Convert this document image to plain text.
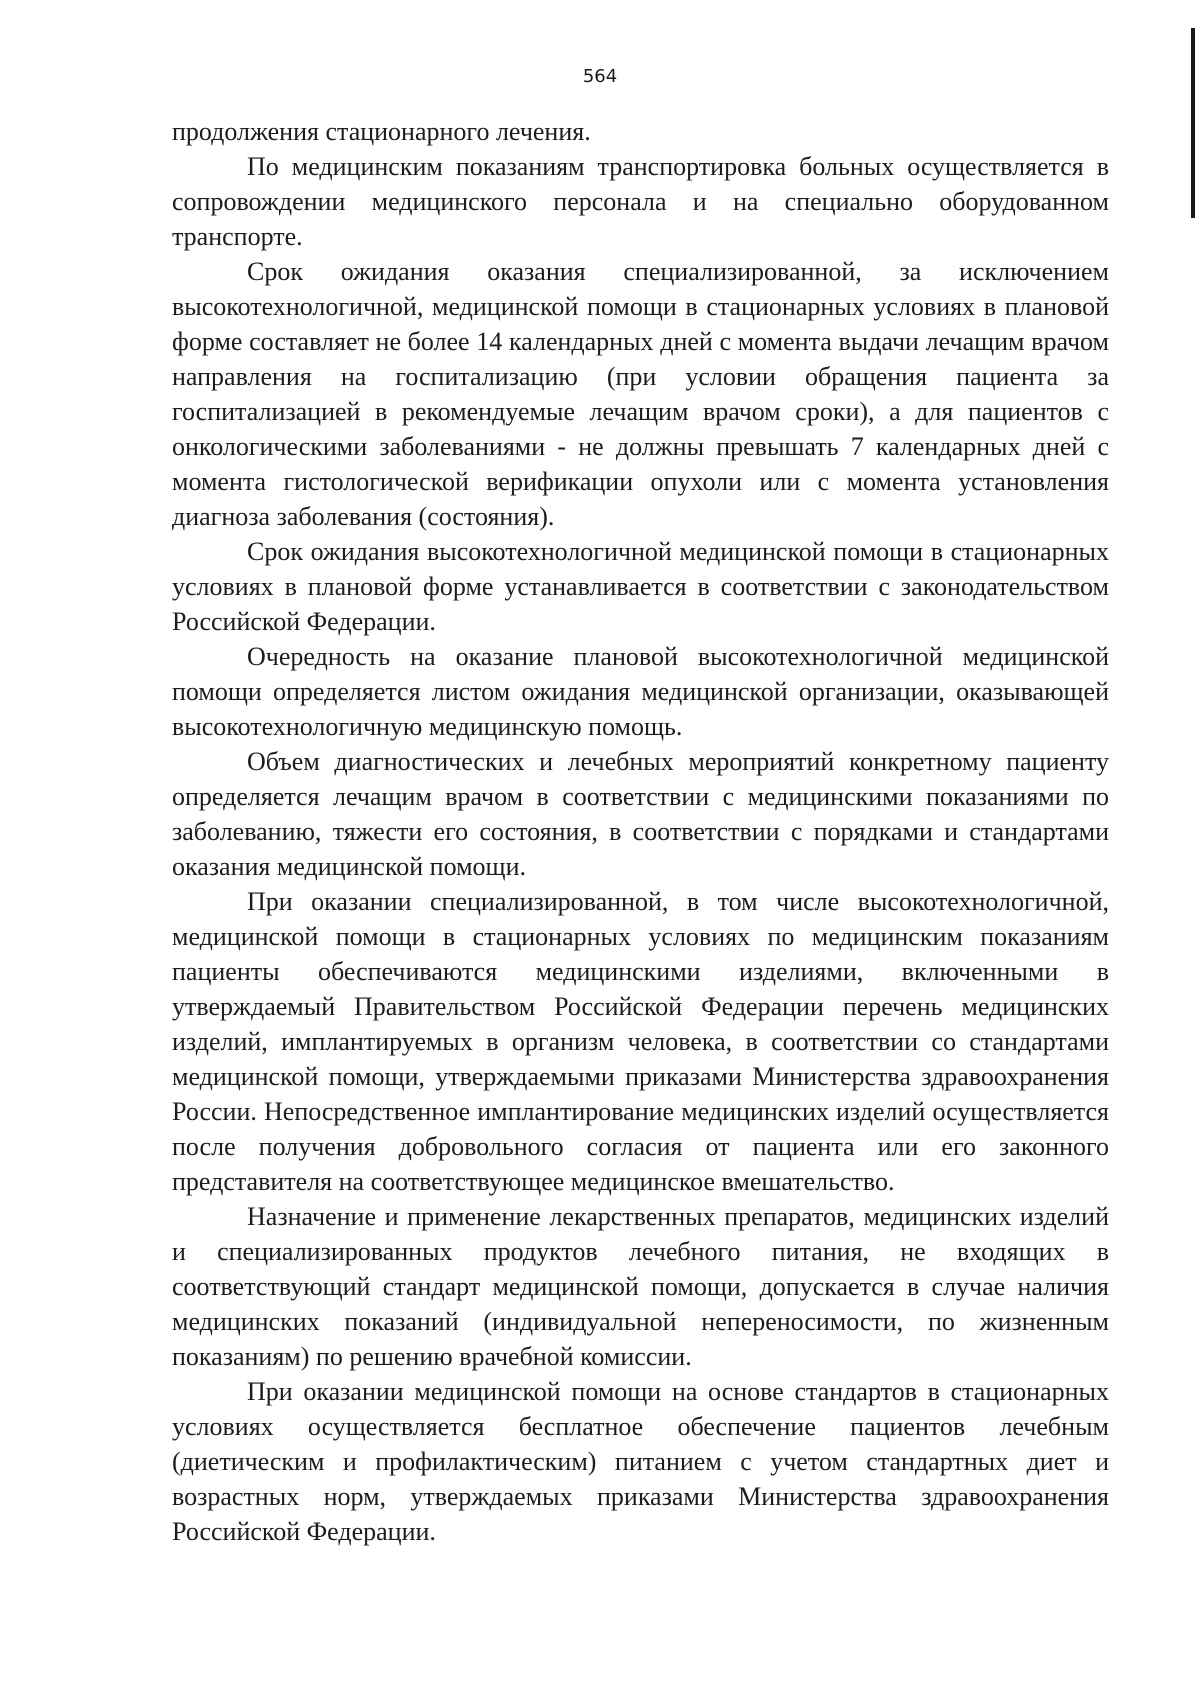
564

продолжения стационарного лечения.

По медицинским показаниям транспортировка больных осуществляется в сопровождении медицинского персонала и на специально оборудованном транспорте.

Срок ожидания оказания специализированной, за исключением высокотехнологичной, медицинской помощи в стационарных условиях в плановой форме составляет не более 14 календарных дней с момента выдачи лечащим врачом направления на госпитализацию (при условии обращения пациента за госпитализацией в рекомендуемые лечащим врачом сроки), а для пациентов с онкологическими заболеваниями - не должны превышать 7 календарных дней с момента гистологической верификации опухоли или с момента установления диагноза заболевания (состояния).

Срок ожидания высокотехнологичной медицинской помощи в стационарных условиях в плановой форме устанавливается в соответствии с законодательством Российской Федерации.

Очередность на оказание плановой высокотехнологичной медицинской помощи определяется листом ожидания медицинской организации, оказывающей высокотехнологичную медицинскую помощь.

Объем диагностических и лечебных мероприятий конкретному пациенту определяется лечащим врачом в соответствии с медицинскими показаниями по заболеванию, тяжести его состояния, в соответствии с порядками и стандартами оказания медицинской помощи.

При оказании специализированной, в том числе высокотехнологичной, медицинской помощи в стационарных условиях по медицинским показаниям пациенты обеспечиваются медицинскими изделиями, включенными в утверждаемый Правительством Российской Федерации перечень медицинских изделий, имплантируемых в организм человека, в соответствии со стандартами медицинской помощи, утверждаемыми приказами Министерства здравоохранения России. Непосредственное имплантирование медицинских изделий осуществляется после получения добровольного согласия от пациента или его законного представителя на соответствующее медицинское вмешательство.

Назначение и применение лекарственных препаратов, медицинских изделий и специализированных продуктов лечебного питания, не входящих в соответствующий стандарт медицинской помощи, допускается в случае наличия медицинских показаний (индивидуальной непереносимости, по жизненным показаниям) по решению врачебной комиссии.

При оказании медицинской помощи на основе стандартов в стационарных условиях осуществляется бесплатное обеспечение пациентов лечебным (диетическим и профилактическим) питанием с учетом стандартных диет и возрастных норм, утверждаемых приказами Министерства здравоохранения Российской Федерации.
